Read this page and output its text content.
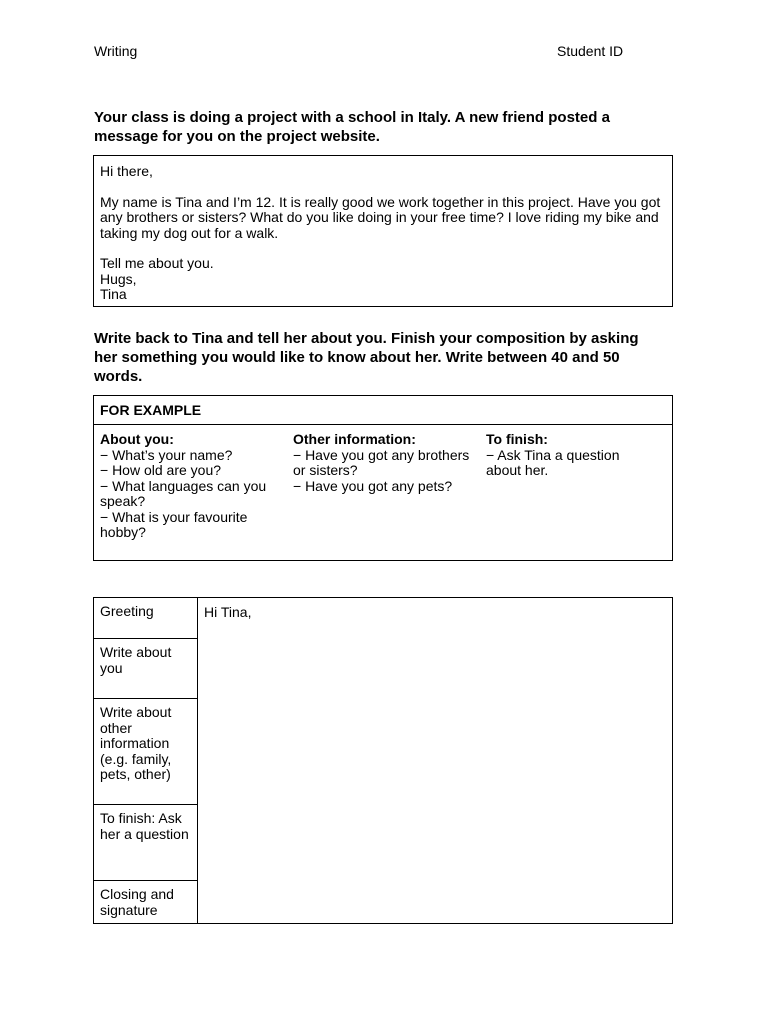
Writing	Student ID
Your class is doing a project with a school in Italy. A new friend posted a message for you on the project website.

Hi there,

My name is Tina and I’m 12. It is really good we work together in this project. Have you got any brothers or sisters? What do you like doing in your free time? I love riding my bike and taking my dog out for a walk.

Tell me about you.

Hugs,

Tina

Write back to Tina and tell her about you. Finish your composition by asking her something you would like to know about her. Write between 40 and 50 words.
FOR EXAMPLE
About you:
− What’s your name?
− How old are you?
− What languages can you speak?
− What is your favourite hobby?
Other information:
− Have you got any brothers or sisters?
− Have you got any pets?
To finish:
− Ask Tina a question about her.
Greeting
Write about you
Write about other information (e.g. family, pets, other)
To finish: Ask her a question
Closing and signature
Hi Tina,
